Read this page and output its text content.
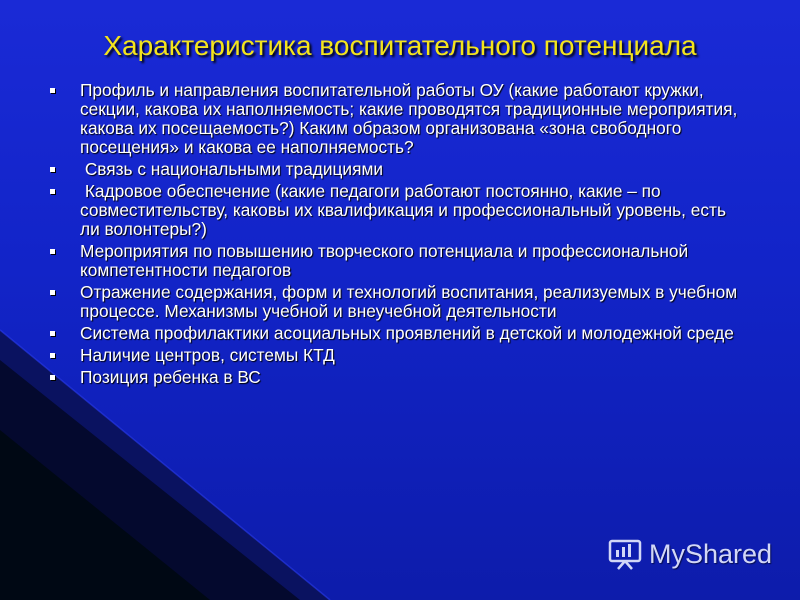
Характеристика воспитательного потенциала
Профиль и направления воспитательной работы ОУ (какие работают кружки, секции, какова их наполняемость; какие проводятся традиционные мероприятия, какова их посещаемость?) Каким образом организована «зона свободного посещения» и какова ее наполняемость?
Связь с национальными традициями
Кадровое обеспечение (какие педагоги работают постоянно, какие – по совместительству, каковы их квалификация и профессиональный уровень, есть ли волонтеры?)
Мероприятия по повышению творческого потенциала и профессиональной компетентности педагогов
Отражение содержания, форм и технологий воспитания, реализуемых в учебном процессе. Механизмы учебной и внеучебной деятельности
Система профилактики асоциальных проявлений в детской и молодежной среде
Наличие центров, системы КТД
Позиция ребенка в ВС
MyShared
